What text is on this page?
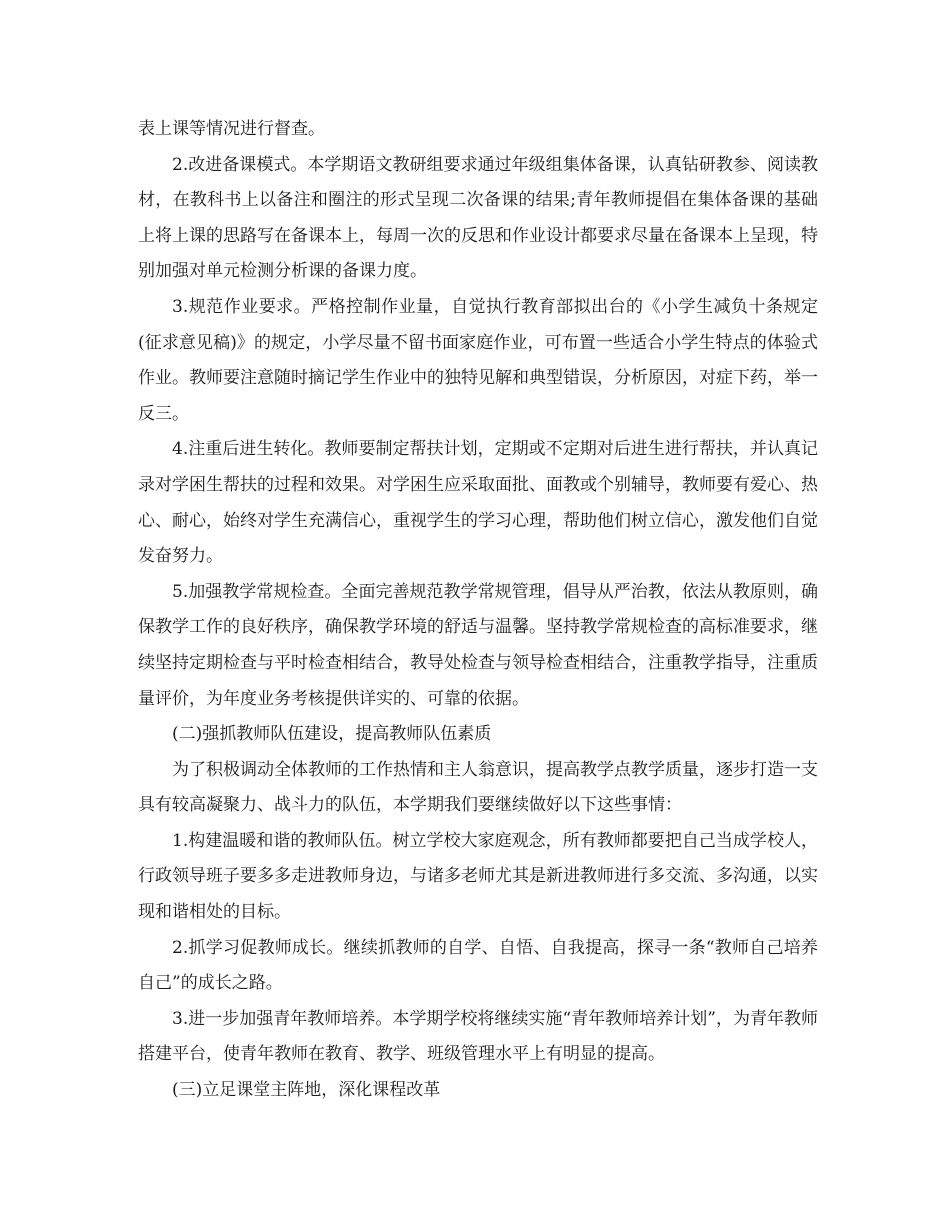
表上课等情况进行督查。

2.改进备课模式。本学期语文教研组要求通过年级组集体备课，认真钻研教参、阅读教材，在教科书上以备注和圈注的形式呈现二次备课的结果;青年教师提倡在集体备课的基础上将上课的思路写在备课本上，每周一次的反思和作业设计都要求尽量在备课本上呈现，特别加强对单元检测分析课的备课力度。

3.规范作业要求。严格控制作业量，自觉执行教育部拟出台的《小学生减负十条规定(征求意见稿)》的规定，小学尽量不留书面家庭作业，可布置一些适合小学生特点的体验式作业。教师要注意随时摘记学生作业中的独特见解和典型错误，分析原因，对症下药，举一反三。

4.注重后进生转化。教师要制定帮扶计划，定期或不定期对后进生进行帮扶，并认真记录对学困生帮扶的过程和效果。对学困生应采取面批、面教或个别辅导，教师要有爱心、热心、耐心，始终对学生充满信心，重视学生的学习心理，帮助他们树立信心，激发他们自觉发奋努力。

5.加强教学常规检查。全面完善规范教学常规管理，倡导从严治教，依法从教原则，确保教学工作的良好秩序，确保教学环境的舒适与温馨。坚持教学常规检查的高标准要求，继续坚持定期检查与平时检查相结合，教导处检查与领导检查相结合，注重教学指导，注重质量评价，为年度业务考核提供详实的、可靠的依据。

(二)强抓教师队伍建设，提高教师队伍素质

为了积极调动全体教师的工作热情和主人翁意识，提高教学点教学质量，逐步打造一支具有较高凝聚力、战斗力的队伍，本学期我们要继续做好以下这些事情：

1.构建温暖和谐的教师队伍。树立学校大家庭观念，所有教师都要把自己当成学校人，行政领导班子要多多走进教师身边，与诸多老师尤其是新进教师进行多交流、多沟通，以实现和谐相处的目标。

2.抓学习促教师成长。继续抓教师的自学、自悟、自我提高，探寻一条“教师自己培养自己”的成长之路。

3.进一步加强青年教师培养。本学期学校将继续实施“青年教师培养计划”，为青年教师搭建平台，使青年教师在教育、教学、班级管理水平上有明显的提高。

(三)立足课堂主阵地，深化课程改革
